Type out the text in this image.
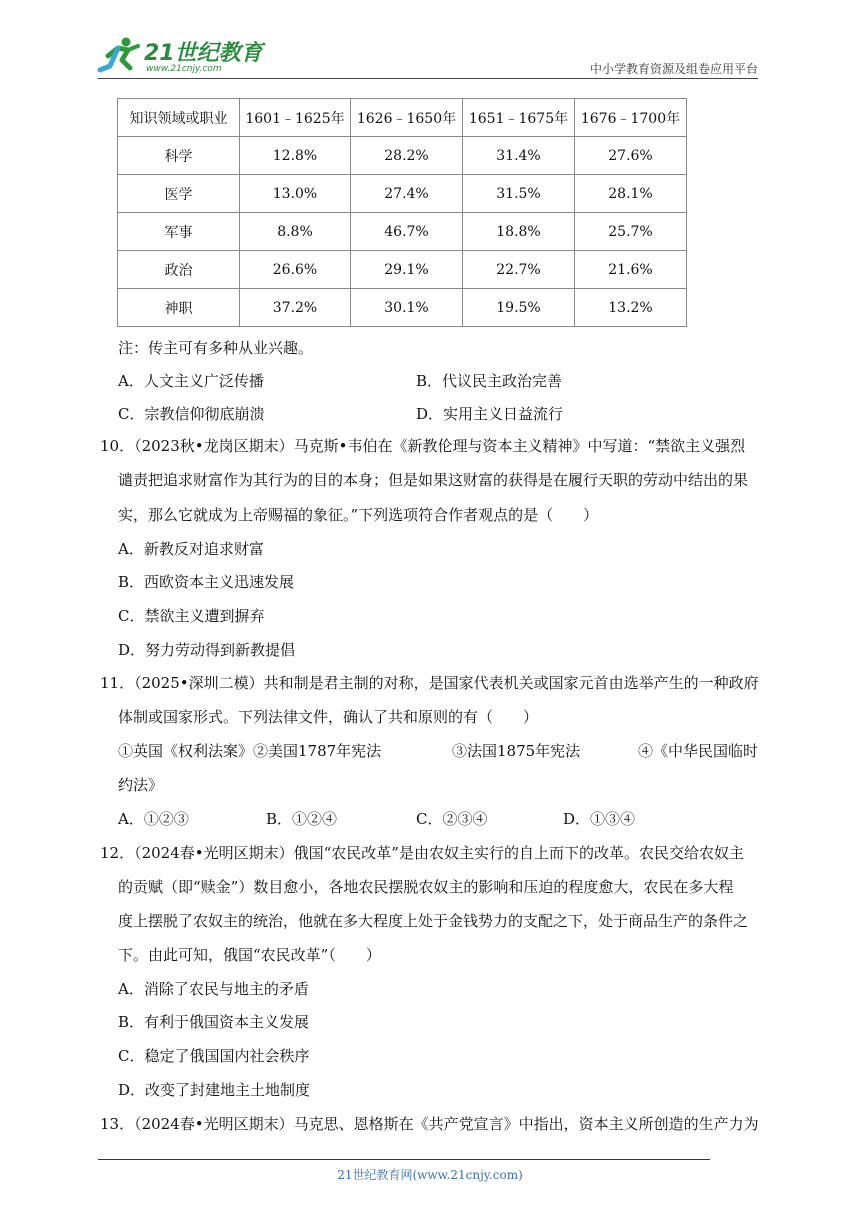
21世纪教育
www.21cnjy.com	中小学教育资源及组卷应用平台
知识领域或职业	1601﹣1625年	1626﹣1650年	1651﹣1675年	1676﹣1700年
科学	12.8%	28.2%	31.4%	27.6%
医学	13.0%	27.4%	31.5%	28.1%
军事	8.8%	46.7%	18.8%	25.7%
政治	26.6%	29.1%	22.7%	21.6%
神职	37.2%	30.1%	19.5%	13.2%
注：传主可有多种从业兴趣。
A．人文主义广泛传播	B．代议民主政治完善
C．宗教信仰彻底崩溃	D．实用主义日益流行
10．（2023秋•龙岗区期末）马克斯•韦伯在《新教伦理与资本主义精神》中写道：“禁欲主义强烈
谴责把追求财富作为其行为的目的本身；但是如果这财富的获得是在履行天职的劳动中结出的果
实，那么它就成为上帝赐福的象征。”下列选项符合作者观点的是（　　）
A．新教反对追求财富
B．西欧资本主义迅速发展
C．禁欲主义遭到摒弃
D．努力劳动得到新教提倡
11．（2025•深圳二模）共和制是君主制的对称，是国家代表机关或国家元首由选举产生的一种政府
体制或国家形式。下列法律文件，确认了共和原则的有（　　）
①英国《权利法案》②美国1787年宪法	③法国1875年宪法	④《中华民国临时
约法》
A．①②③	B．①②④	C．②③④	D．①③④
12．（2024春•光明区期末）俄国“农民改革”是由农奴主实行的自上而下的改革。农民交给农奴主
的贡赋（即“赎金”）数目愈小，各地农民摆脱农奴主的影响和压迫的程度愈大，农民在多大程
度上摆脱了农奴主的统治，他就在多大程度上处于金钱势力的支配之下，处于商品生产的条件之
下。由此可知，俄国“农民改革”（　　）
A．消除了农民与地主的矛盾
B．有利于俄国资本主义发展
C．稳定了俄国国内社会秩序
D．改变了封建地主土地制度
13．（2024春•光明区期末）马克思、恩格斯在《共产党宣言》中指出，资本主义所创造的生产力为
21世纪教育网(www.21cnjy.com)
